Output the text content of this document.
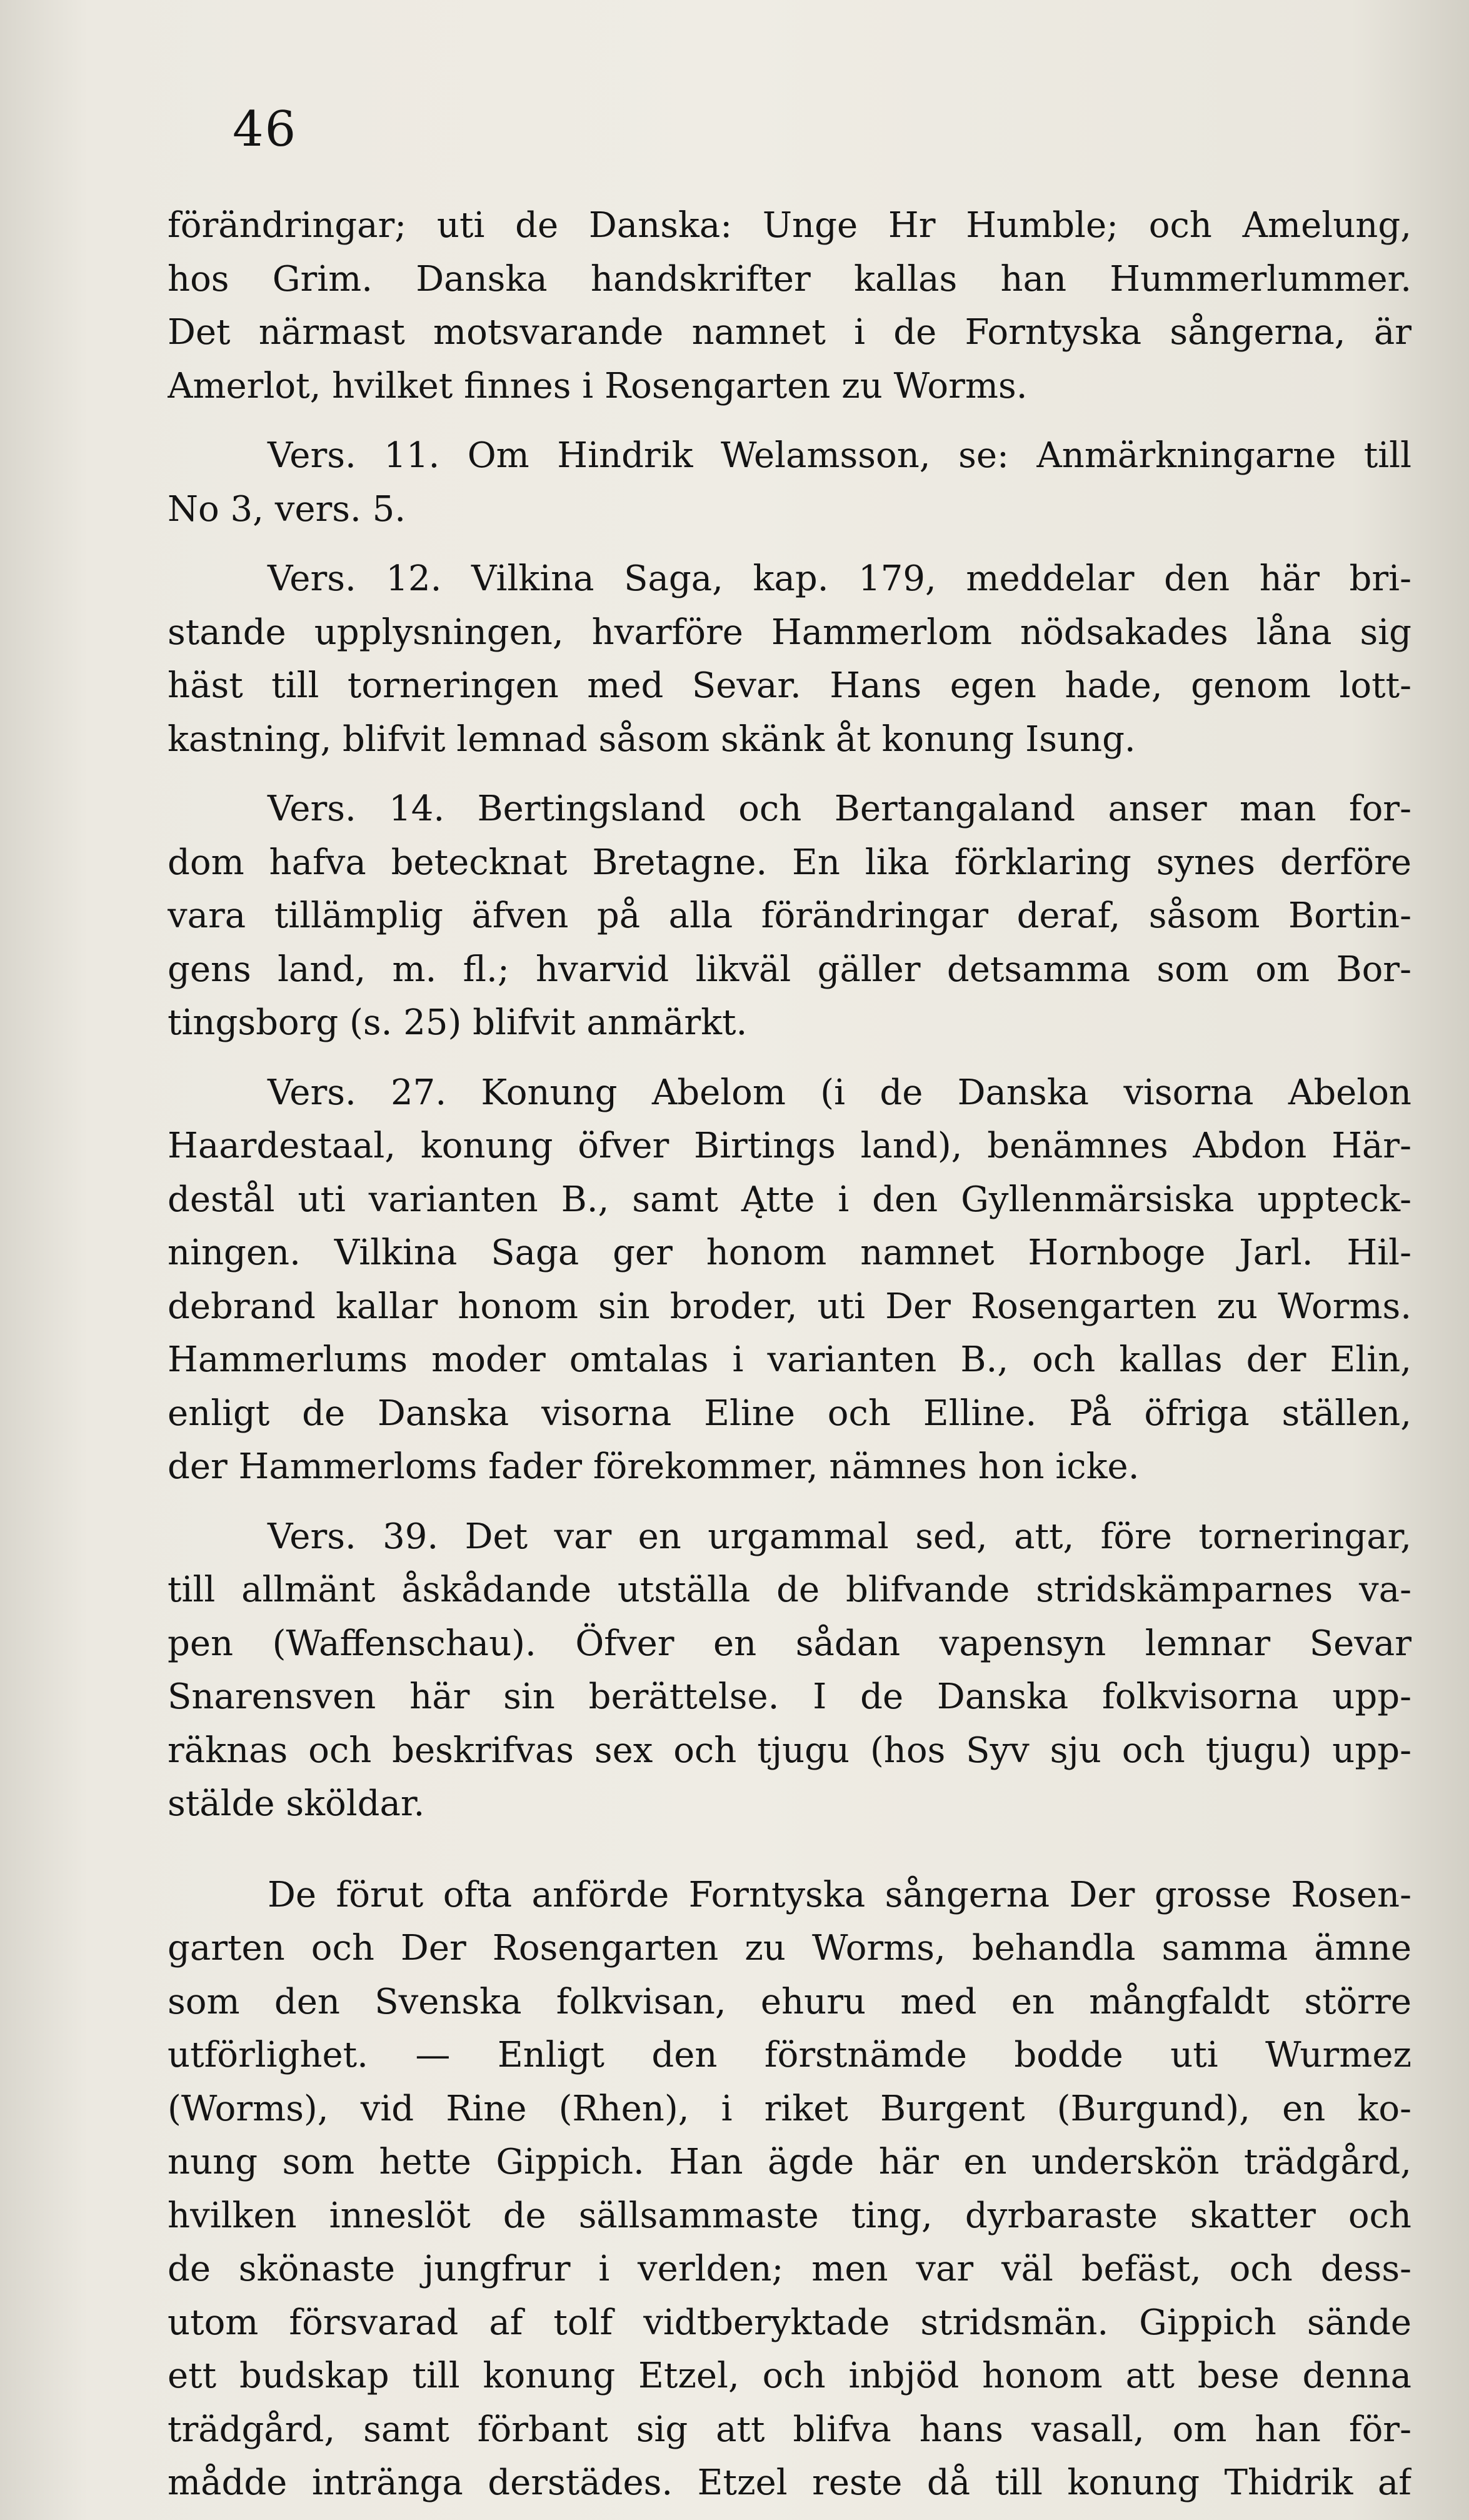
46
förändringar; uti de Danska: Unge Hr Humble; och Amelung,
hos Grim. Danska handskrifter kallas han Hummerlummer.
Det närmast motsvarande namnet i de Forntyska sångerna, är
Amerlot, hvilket finnes i Rosengarten zu Worms.
Vers. 11. Om Hindrik Welamsson, se: Anmärkningarne till
No 3, vers. 5.
Vers. 12. Vilkina Saga, kap. 179, meddelar den här bri-
stande upplysningen, hvarföre Hammerlom nödsakades låna sig
häst till torneringen med Sevar. Hans egen hade, genom lott-
kastning, blifvit lemnad såsom skänk åt konung Isung.
Vers. 14. Bertingsland och Bertangaland anser man for-
dom hafva betecknat Bretagne. En lika förklaring synes derföre
vara tillämplig äfven på alla förändringar deraf, såsom Bortin-
gens land, m. fl.; hvarvid likväl gäller detsamma som om Bor-
tingsborg (s. 25) blifvit anmärkt.
Vers. 27. Konung Abelom (i de Danska visorna Abelon
Haardestaal, konung öfver Birtings land), benämnes Abdon Här-
destål uti varianten B., samt Ątte i den Gyllenmärsiska uppteck-
ningen. Vilkina Saga ger honom namnet Hornboge Jarl. Hil-
debrand kallar honom sin broder, uti Der Rosengarten zu Worms.
Hammerlums moder omtalas i varianten B., och kallas der Elin,
enligt de Danska visorna Eline och Elline. På öfriga ställen,
der Hammerloms fader förekommer, nämnes hon icke.
Vers. 39. Det var en urgammal sed, att, före torneringar,
till allmänt åskådande utställa de blifvande stridskämparnes va-
pen (Waffenschau). Öfver en sådan vapensyn lemnar Sevar
Snarensven här sin berättelse. I de Danska folkvisorna upp-
räknas och beskrifvas sex och tjugu (hos Syv sju och tjugu) upp-
stälde sköldar.
De förut ofta anförde Forntyska sångerna Der grosse Rosen-
garten och Der Rosengarten zu Worms, behandla samma ämne
som den Svenska folkvisan, ehuru med en mångfaldt större
utförlighet. — Enligt den förstnämde bodde uti Wurmez
(Worms), vid Rine (Rhen), i riket Burgent (Burgund), en ko-
nung som hette Gippich. Han ägde här en underskön trädgård,
hvilken inneslöt de sällsammaste ting, dyrbaraste skatter och
de skönaste jungfrur i verlden; men var väl befäst, och dess-
utom försvarad af tolf vidtberyktade stridsmän. Gippich sände
ett budskap till konung Etzel, och inbjöd honom att bese denna
trädgård, samt förbant sig att blifva hans vasall, om han för-
mådde intränga derstädes. Etzel reste då till konung Thidrik af
